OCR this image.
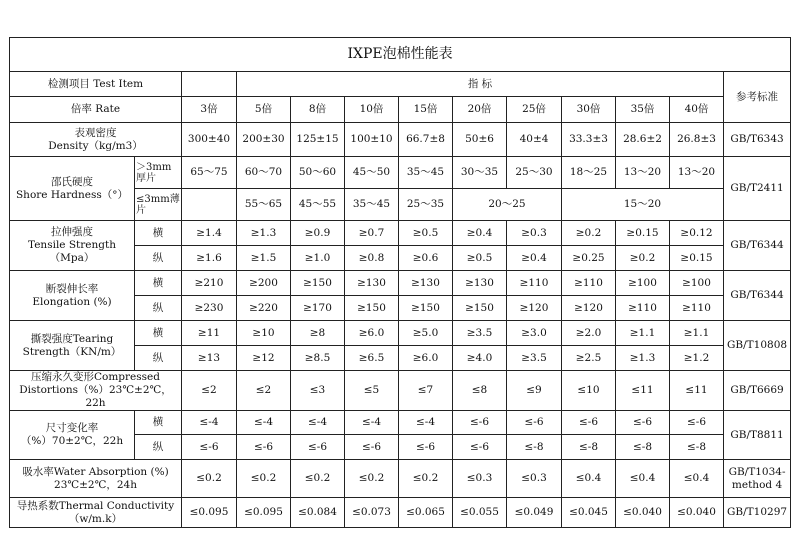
IXPE泡棉性能表												
检测项目 Test Item			指 标									参考标准
倍率 Rate		3倍	5倍	8倍	10倍	15倍	20倍	25倍	30倍	35倍	40倍	
表观密度
Density（kg/m3）		300±40	200±30	125±15	100±10	66.7±8	50±6	40±4	33.3±3	28.6±2	26.8±3	GB/T6343
邵氏硬度
Shore Hardness（°）	＞3mm厚片	65～75	60～70	50～60	45～50	35～45	30～35	25～30	18～25	13～20	13～20	GB/T2411
	≤3mm薄片		55～65	45～55	35～45	25～35	20～25		15～20			
拉伸强度
Tensile Strength（Mpa）	横	≥1.4	≥1.3	≥0.9	≥0.7	≥0.5	≥0.4	≥0.3	≥0.2	≥0.15	≥0.12	GB/T6344
	纵	≥1.6	≥1.5	≥1.0	≥0.8	≥0.6	≥0.5	≥0.4	≥0.25	≥0.2	≥0.15	
断裂伸长率
Elongation (%)	横	≥210	≥200	≥150	≥130	≥130	≥130	≥110	≥110	≥100	≥100	GB/T6344
	纵	≥230	≥220	≥170	≥150	≥150	≥150	≥120	≥120	≥110	≥110	
撕裂强度Tearing
Strength（KN/m）	横	≥11	≥10	≥8	≥6.0	≥5.0	≥3.5	≥3.0	≥2.0	≥1.1	≥1.1	GB/T10808
	纵	≥13	≥12	≥8.5	≥6.5	≥6.0	≥4.0	≥3.5	≥2.5	≥1.3	≥1.2	
压缩永久变形Compressed
Distortions（%）23℃±2℃，22h		≤2	≤2	≤3	≤5	≤7	≤8	≤9	≤10	≤11	≤11	GB/T6669
尺寸变化率
（%）70±2℃，22h	横	≤-4	≤-4	≤-4	≤-4	≤-4	≤-6	≤-6	≤-6	≤-6	≤-6	GB/T8811
	纵	≤-6	≤-6	≤-6	≤-6	≤-6	≤-6	≤-8	≤-8	≤-8	≤-8	
吸水率Water Absorption (%)
23℃±2℃，24h		≤0.2	≤0.2	≤0.2	≤0.2	≤0.2	≤0.3	≤0.3	≤0.4	≤0.4	≤0.4	GB/T1034-method 4
导热系数Thermal Conductivity
（w/m.k）		≤0.095	≤0.095	≤0.084	≤0.073	≤0.065	≤0.055	≤0.049	≤0.045	≤0.040	≤0.040	GB/T10297
